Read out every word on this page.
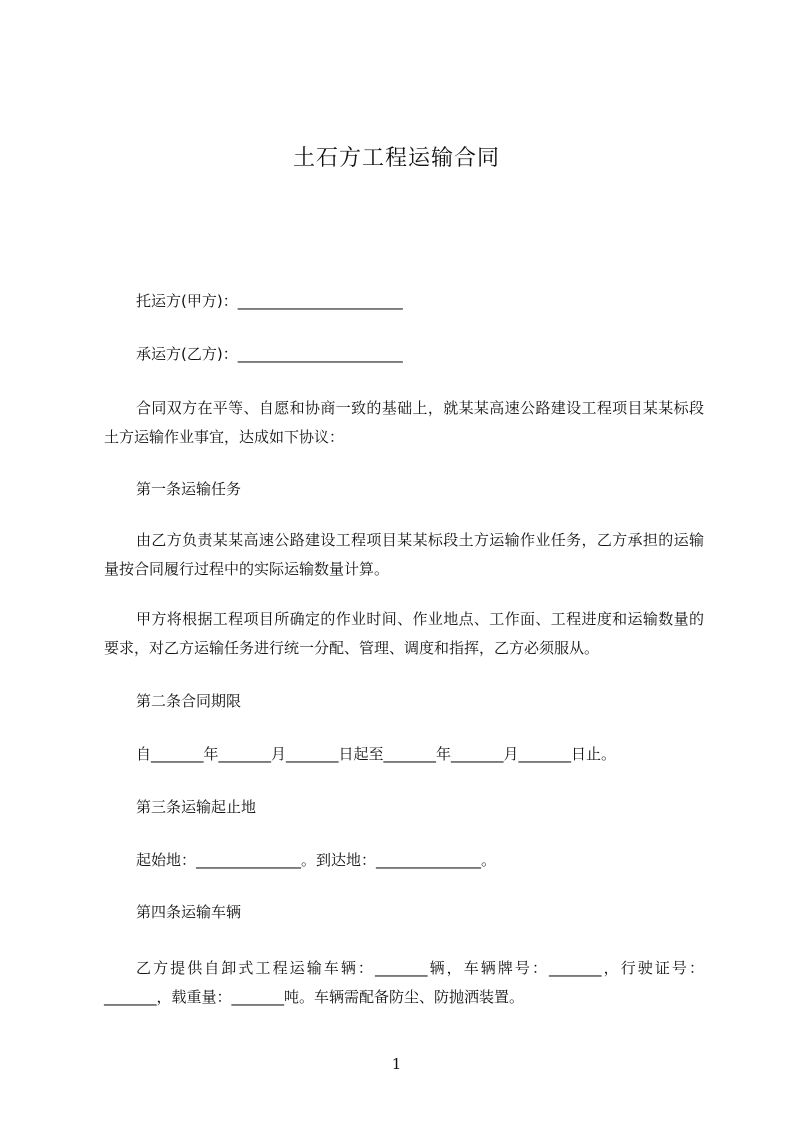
土石方工程运输合同
托运方(甲方)：______________________
承运方(乙方)：______________________
合同双方在平等、自愿和协商一致的基础上，就某某高速公路建设工程项目某某标段土方运输作业事宜，达成如下协议：
第一条运输任务
由乙方负责某某高速公路建设工程项目某某标段土方运输作业任务，乙方承担的运输量按合同履行过程中的实际运输数量计算。
甲方将根据工程项目所确定的作业时间、作业地点、工作面、工程进度和运输数量的要求，对乙方运输任务进行统一分配、管理、调度和指挥，乙方必须服从。
第二条合同期限
自_______年_______月_______日起至_______年_______月_______日止。
第三条运输起止地
起始地：______________。到达地：______________。
第四条运输车辆
乙方提供自卸式工程运输车辆：_______辆，车辆牌号：_______，行驶证号：_______，载重量：_______吨。车辆需配备防尘、防抛洒装置。
1
